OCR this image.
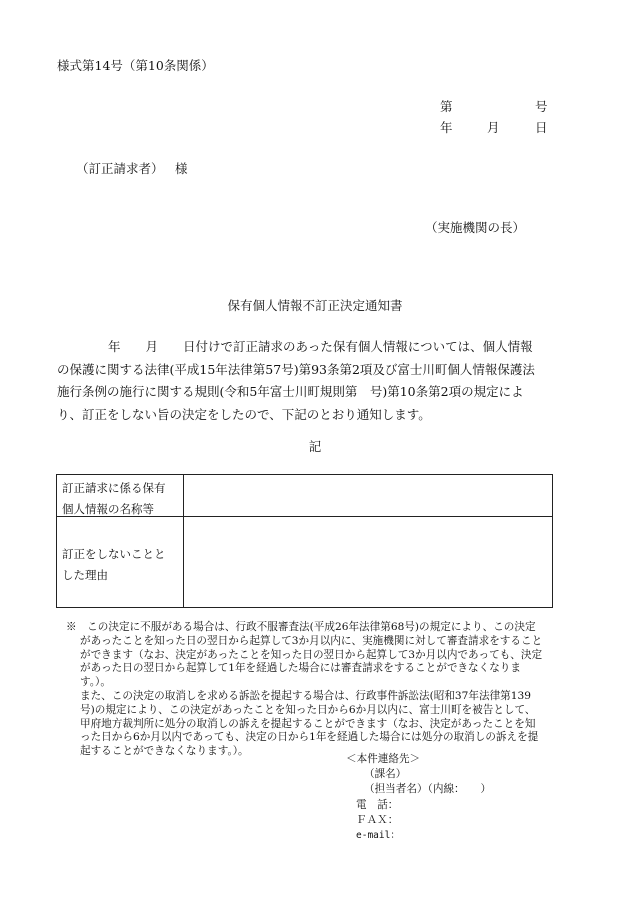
様式第14号（第10条関係）
第	号
年	月	日
（訂正請求者） 様
（実施機関の長）
保有個人情報不訂正決定通知書
年　　月　　日付けで訂正請求のあった保有個人情報については、個人情報
の保護に関する法律(平成15年法律第57号)第93条第2項及び富士川町個人情報保護法
施行条例の施行に関する規則(令和5年富士川町規則第　号)第10条第2項の規定によ
り、訂正をしない旨の決定をしたので、下記のとおり通知します。
記
訂正請求に係る保有
個人情報の名称等
訂正をしないことと
した理由
※　この決定に不服がある場合は、行政不服審査法(平成26年法律第68号)の規定により、この決定
があったことを知った日の翌日から起算して3か月以内に、実施機関に対して審査請求をすること
ができます（なお、決定があったことを知った日の翌日から起算して3か月以内であっても、決定
があった日の翌日から起算して1年を経過した場合には審査請求をすることができなくなりま
す。）。
また、この決定の取消しを求める訴訟を提起する場合は、行政事件訴訟法(昭和37年法律第139
号)の規定により、この決定があったことを知った日から6か月以内に、富士川町を被告として、
甲府地方裁判所に処分の取消しの訴えを提起することができます（なお、決定があったことを知
った日から6か月以内であっても、決定の日から1年を経過した場合には処分の取消しの訴えを提
起することができなくなります。）。
＜本件連絡先＞
（課名）
（担当者名）（内線：　　）
電　話：
ＦＡＸ：
e-mail：
